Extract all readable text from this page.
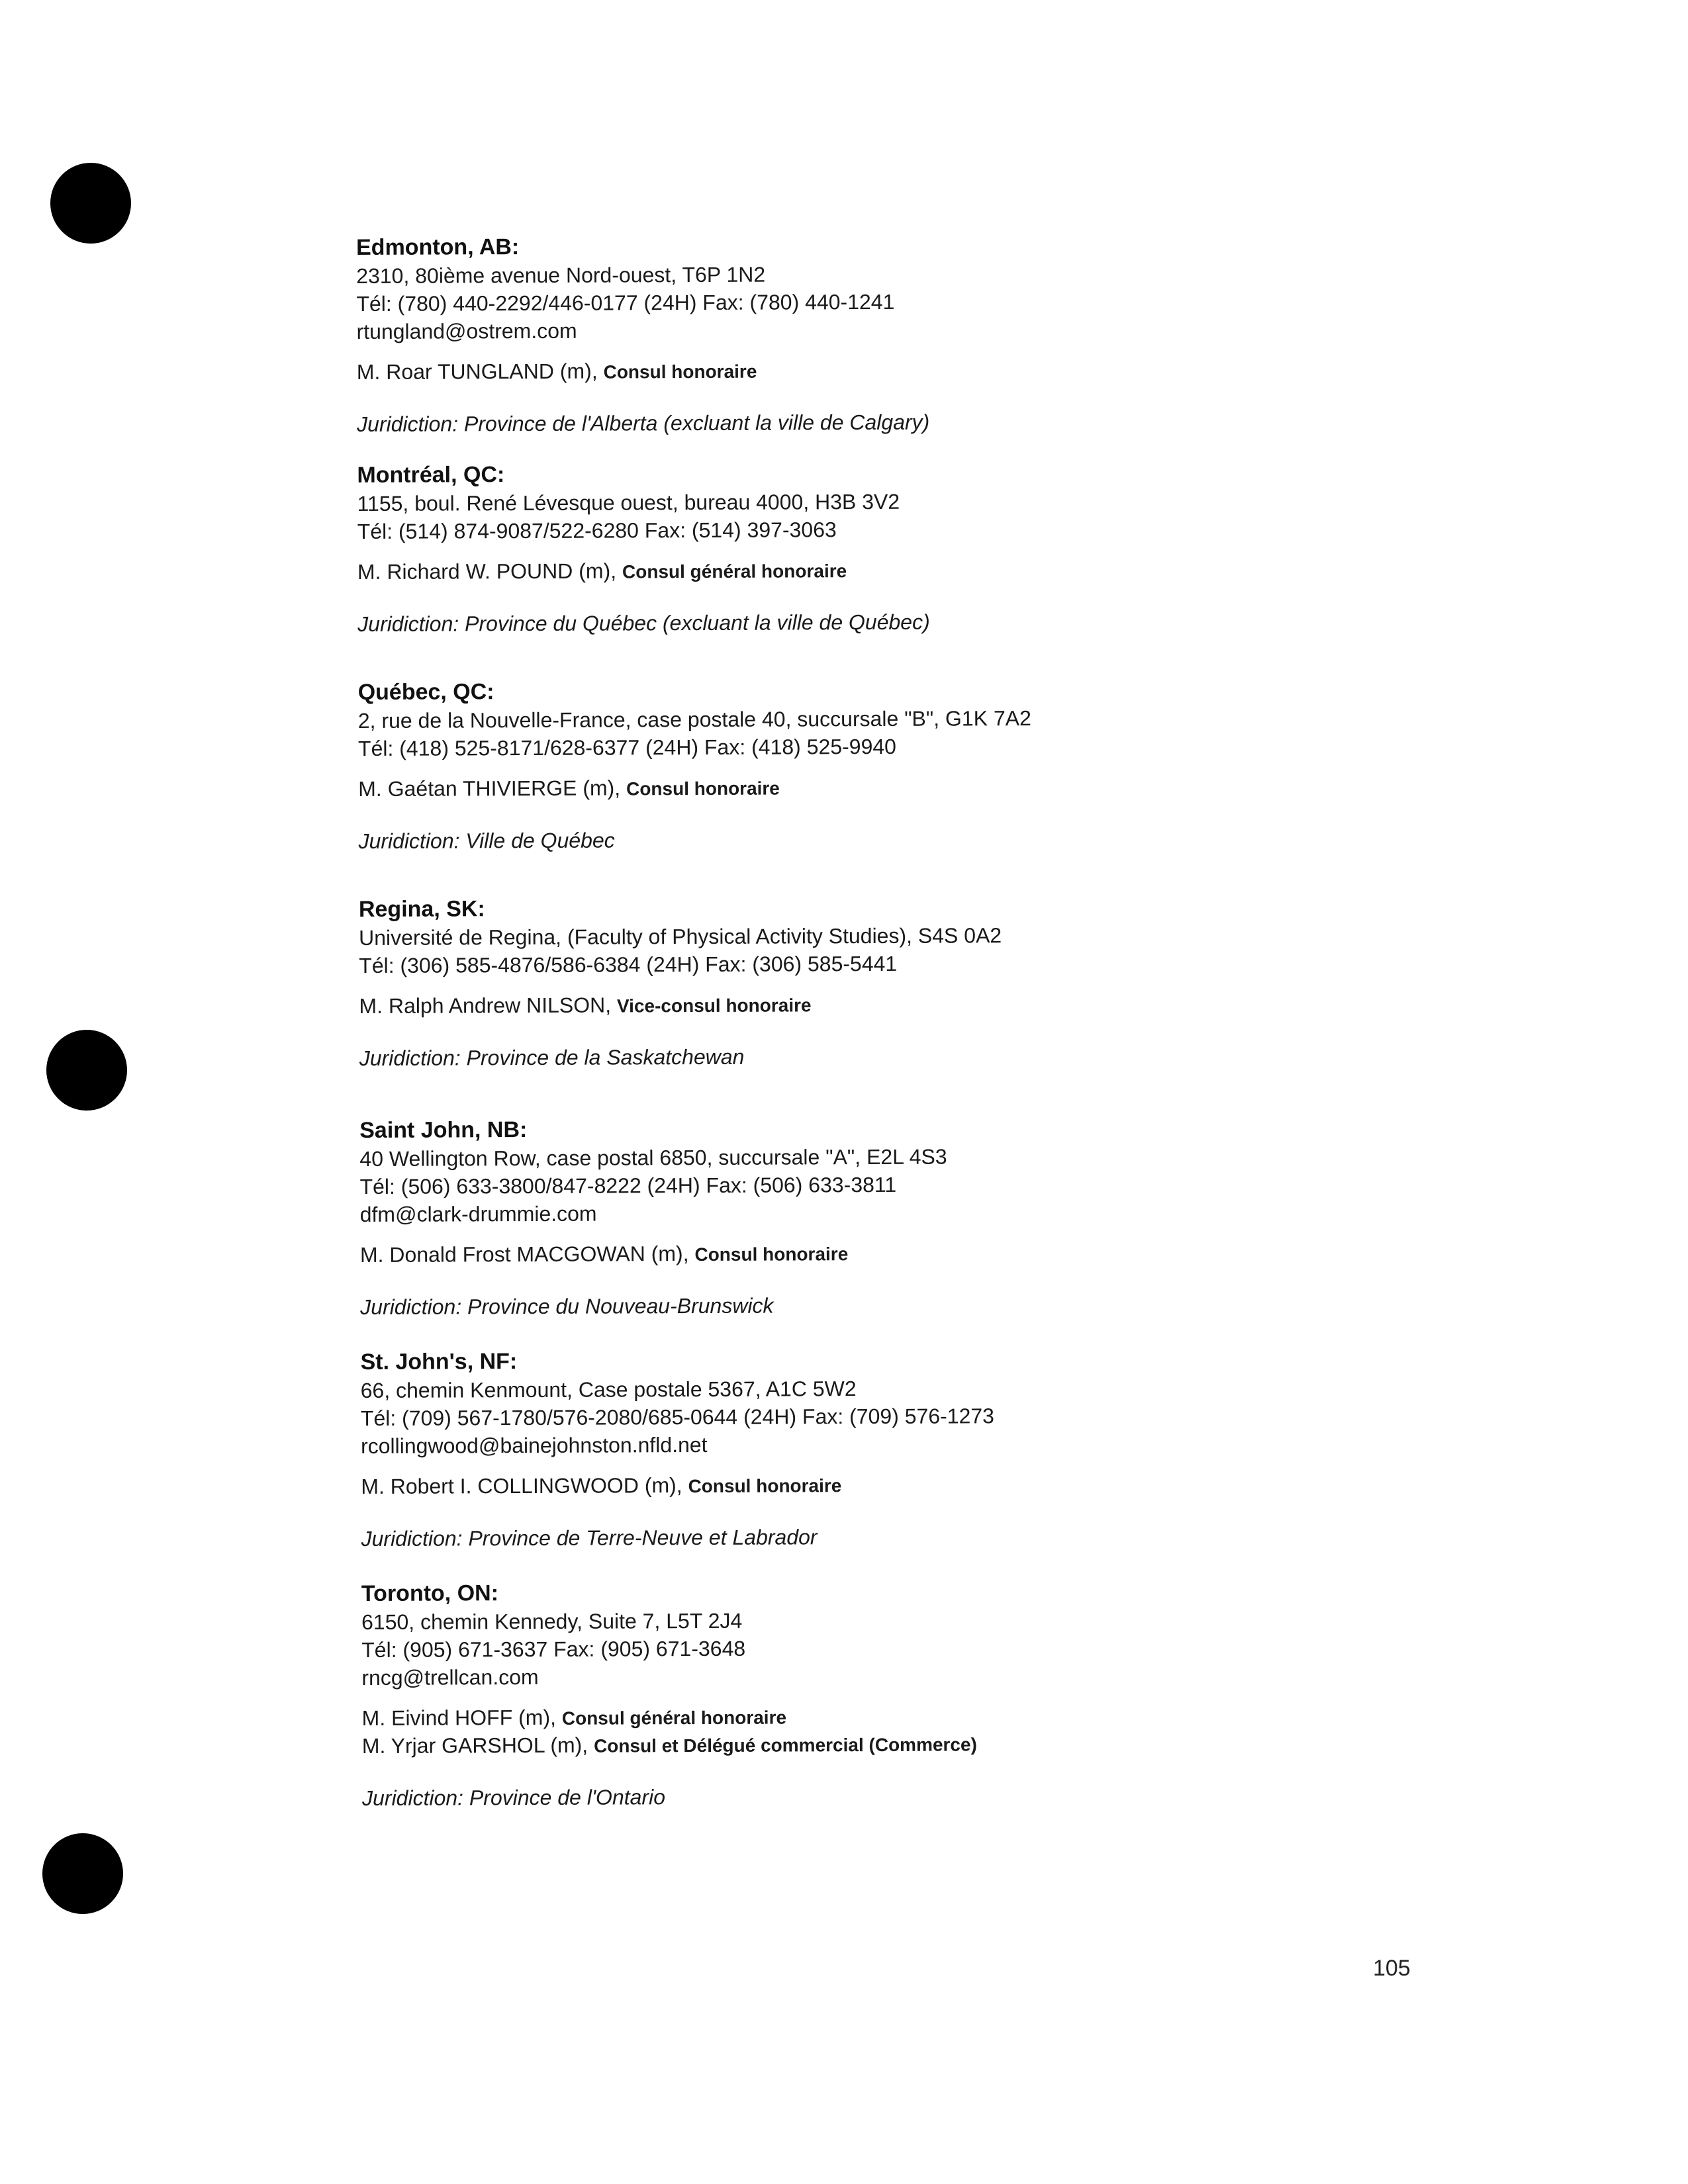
Edmonton, AB:

2310, 80ième avenue Nord-ouest, T6P 1N2

Tél: (780) 440-2292/446-0177 (24H) Fax: (780) 440-1241

rtungland@ostrem.com

M. Roar TUNGLAND (m), Consul honoraire

Juridiction: Province de l'Alberta (excluant la ville de Calgary)

Montréal, QC:

1155, boul. René Lévesque ouest, bureau 4000, H3B 3V2

Tél: (514) 874-9087/522-6280 Fax: (514) 397-3063

M. Richard W. POUND (m), Consul général honoraire

Juridiction: Province du Québec (excluant la ville de Québec)

Québec, QC:

2, rue de la Nouvelle-France, case postale 40, succursale "B", G1K 7A2

Tél: (418) 525-8171/628-6377 (24H) Fax: (418) 525-9940

M. Gaétan THIVIERGE (m), Consul honoraire

Juridiction: Ville de Québec

Regina, SK:

Université de Regina, (Faculty of Physical Activity Studies), S4S 0A2

Tél: (306) 585-4876/586-6384 (24H) Fax: (306) 585-5441

M. Ralph Andrew NILSON, Vice-consul honoraire

Juridiction: Province de la Saskatchewan

Saint John, NB:

40 Wellington Row, case postal 6850, succursale "A", E2L 4S3

Tél: (506) 633-3800/847-8222 (24H) Fax: (506) 633-3811

dfm@clark-drummie.com

M. Donald Frost MACGOWAN (m), Consul honoraire

Juridiction: Province du Nouveau-Brunswick

St. John's, NF:

66, chemin Kenmount, Case postale 5367, A1C 5W2

Tél: (709) 567-1780/576-2080/685-0644 (24H) Fax: (709) 576-1273

rcollingwood@bainejohnston.nfld.net

M. Robert I. COLLINGWOOD (m), Consul honoraire

Juridiction: Province de Terre-Neuve et Labrador

Toronto, ON:

6150, chemin Kennedy, Suite 7, L5T 2J4

Tél: (905) 671-3637 Fax: (905) 671-3648

rncg@trellcan.com

M. Eivind HOFF (m), Consul général honoraire

M. Yrjar GARSHOL (m), Consul et Délégué commercial (Commerce)

Juridiction: Province de l'Ontario

105
